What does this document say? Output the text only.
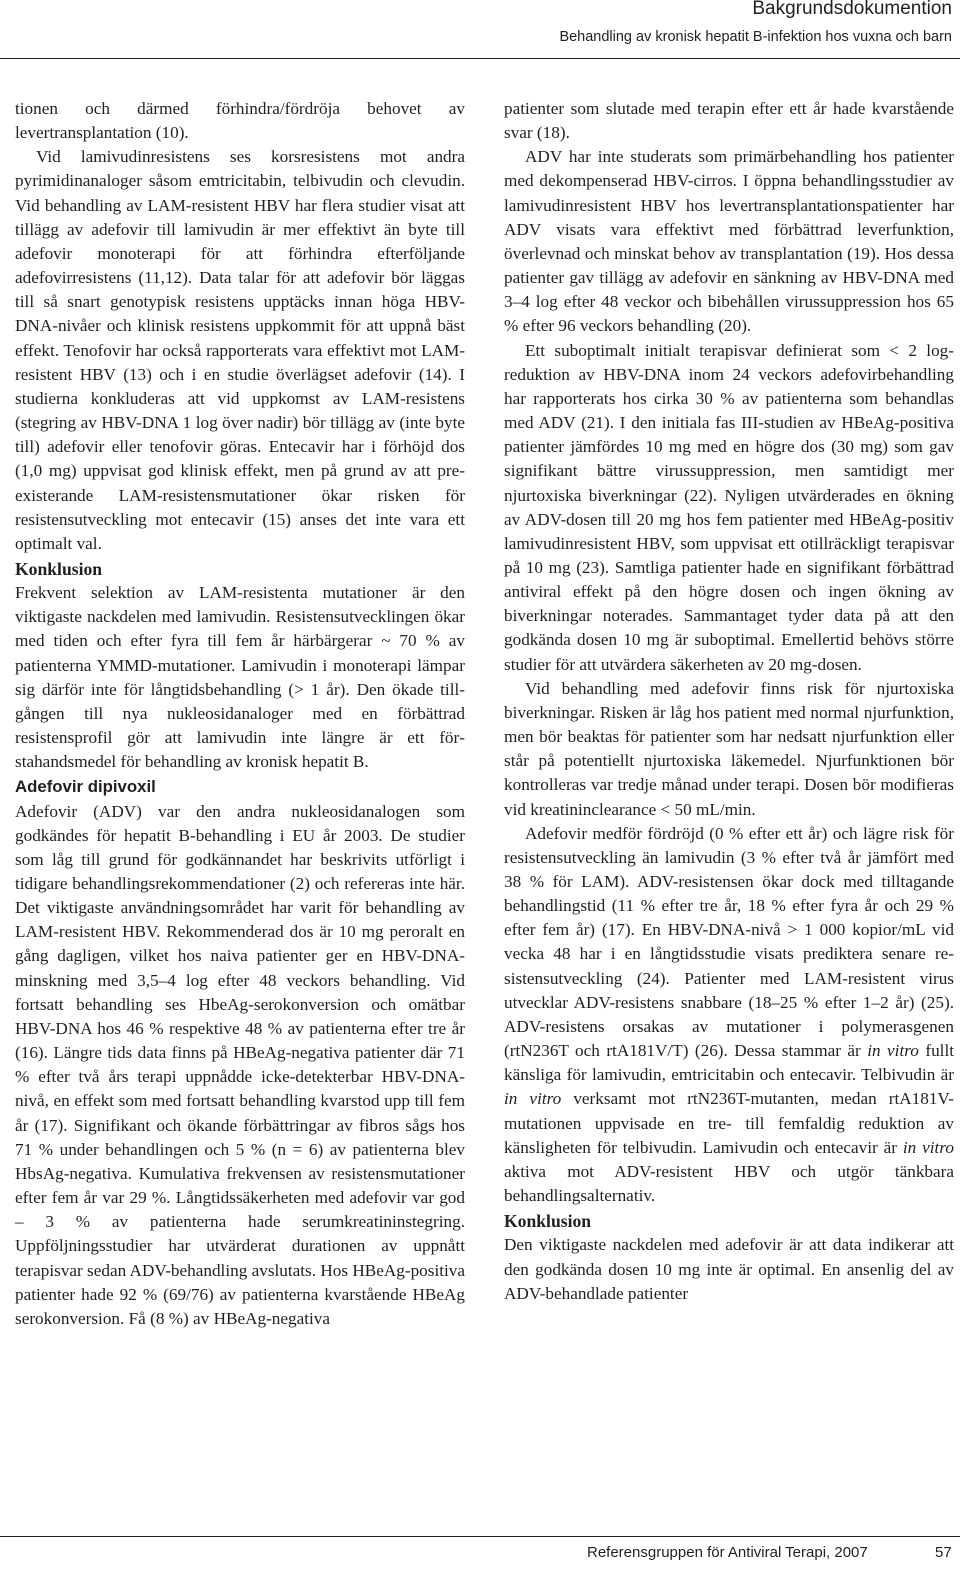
Bakgrundsdokumention
Behandling av kronisk hepatit B-infektion hos vuxna och barn

tionen och därmed förhindra/fördröja behovet av levertransplantation (10).

Vid lamivudinresistens ses korsresistens mot andra pyrimidinanaloger såsom emtricitabin, telbivudin och clevudin. Vid behandling av LAM-resistent HBV har flera studier visat att tillägg av adefovir till lamivudin är mer effektivt än byte till adefovir monoterapi för att förhindra efterföljande adefovirresistens (11,12). Data talar för att adefovir bör läggas till så snart genotypisk resistens upptäcks innan höga HBV-DNA-nivåer och klinisk resistens uppkommit för att uppnå bäst effekt. Tenofovir har också rapporterats vara effektivt mot LAM-resistent HBV (13) och i en studie överlägset adefovir (14). I studierna konkluderas att vid uppkomst av LAM-resistens (stegring av HBV-DNA 1 log över nadir) bör tillägg av (inte byte till) adefovir eller tenofovir göras. Entecavir har i förhöjd dos (1,0 mg) uppvisat god klinisk effekt, men på grund av att pre-existerande LAM-resistensmutationer ökar risken för resistensutveckling mot entecavir (15) anses det inte vara ett optimalt val.

Konklusion

Frekvent selektion av LAM-resistenta mutationer är den viktigaste nackdelen med lamivudin. Resistensutvecklingen ökar med tiden och efter fyra till fem år härbärgerar ~ 70 % av patienterna YMMD-mutationer. Lamivudin i monoterapi lämpar sig därför inte för långtidsbehandling (> 1 år). Den ökade tillgången till nya nukleosidanaloger med en förbättrad resistensprofil gör att lamivudin inte längre är ett förstahandsmedel för behandling av kronisk hepatit B.

Adefovir dipivoxil

Adefovir (ADV) var den andra nukleosidanalogen som godkändes för hepatit B-behandling i EU år 2003. De studier som låg till grund för godkännandet har beskrivits utförligt i tidigare behandlingsrekommendationer (2) och refereras inte här. Det viktigaste användningsområdet har varit för behandling av LAM-resistent HBV. Rekommenderad dos är 10 mg peroralt en gång dagligen, vilket hos naiva patienter ger en HBV-DNA-minskning med 3,5–4 log efter 48 veckors behandling. Vid fortsatt behandling ses HbeAg-serokonversion och omätbar HBV-DNA hos 46 % respektive 48 % av patienterna efter tre år (16). Längre tids data finns på HBeAg-negativa patienter där 71 % efter två års terapi uppnådde icke-detekterbar HBV-DNA-nivå, en effekt som med fortsatt behandling kvarstod upp till fem år (17). Signifikant och ökande förbättringar av fibros sågs hos 71 % under behandlingen och 5 % (n = 6) av patienterna blev HbsAg-negativa. Kumulativa frekvensen av resistensmutationer efter fem år var 29 %. Långtidssäkerheten med adefovir var god – 3 % av patienterna hade serumkreatininstegring. Uppföljningsstudier har utvärderat durationen av uppnått terapisvar sedan ADV-behandling avslutats. Hos HBeAg-positiva patienter hade 92 % (69/76) av patienterna kvarstående HBeAg serokonversion. Få (8 %) av HBeAg-negativa

patienter som slutade med terapin efter ett år hade kvarstående svar (18).

ADV har inte studerats som primärbehandling hos patienter med dekompenserad HBV-cirros. I öppna behandlingsstudier av lamivudinresistent HBV hos levertransplantationspatienter har ADV visats vara effektivt med förbättrad leverfunktion, överlevnad och minskat behov av transplantation (19). Hos dessa patienter gav tillägg av adefovir en sänkning av HBV-DNA med 3–4 log efter 48 veckor och bibehållen virussuppression hos 65 % efter 96 veckors behandling (20).

Ett suboptimalt initialt terapisvar definierat som < 2 log-reduktion av HBV-DNA inom 24 veckors adefovirbehandling har rapporterats hos cirka 30 % av patienterna som behandlas med ADV (21). I den initiala fas III-studien av HBeAg-positiva patienter jämfördes 10 mg med en högre dos (30 mg) som gav signifikant bättre virussuppression, men samtidigt mer njurtoxiska biverkningar (22). Nyligen utvärderades en ökning av ADV-dosen till 20 mg hos fem patienter med HBeAg-positiv lamivudinresistent HBV, som uppvisat ett otillräckligt terapisvar på 10 mg (23). Samtliga patienter hade en signifikant förbättrad antiviral effekt på den högre dosen och ingen ökning av biverkningar noterades. Sammantaget tyder data på att den godkända dosen 10 mg är suboptimal. Emellertid behövs större studier för att utvärdera säkerheten av 20 mg-dosen.

Vid behandling med adefovir finns risk för njurtoxiska biverkningar. Risken är låg hos patient med normal njurfunktion, men bör beaktas för patienter som har nedsatt njurfunktion eller står på potentiellt njurtoxiska läkemedel. Njurfunktionen bör kontrolleras var tredje månad under terapi. Dosen bör modifieras vid kreatininclearance < 50 mL/min.

Adefovir medför fördröjd (0 % efter ett år) och lägre risk för resistensutveckling än lamivudin (3 % efter två år jämfört med 38 % för LAM). ADV-resistensen ökar dock med tilltagande behandlingstid (11 % efter tre år, 18 % efter fyra år och 29 % efter fem år) (17). En HBV-DNA-nivå > 1 000 kopior/mL vid vecka 48 har i en långtidsstudie visats prediktera senare resistensutveckling (24). Patienter med LAM-resistent virus utvecklar ADV-resistens snabbare (18–25 % efter 1–2 år) (25). ADV-resistens orsakas av mutationer i polymerasgenen (rtN236T och rtA181V/T) (26). Dessa stammar är in vitro fullt känsliga för lamivudin, emtricitabin och entecavir. Telbivudin är in vitro verksamt mot rtN236T-mutanten, medan rtA181V-mutationen uppvisade en tre- till femfaldig reduktion av känsligheten för telbivudin. Lamivudin och entecavir är in vitro aktiva mot ADV-resistent HBV och utgör tänkbara behandlingsalternativ.

Konklusion

Den viktigaste nackdelen med adefovir är att data indikerar att den godkända dosen 10 mg inte är optimal. En ansenlig del av ADV-behandlade patienter

Referensgruppen för Antiviral Terapi, 2007	57
